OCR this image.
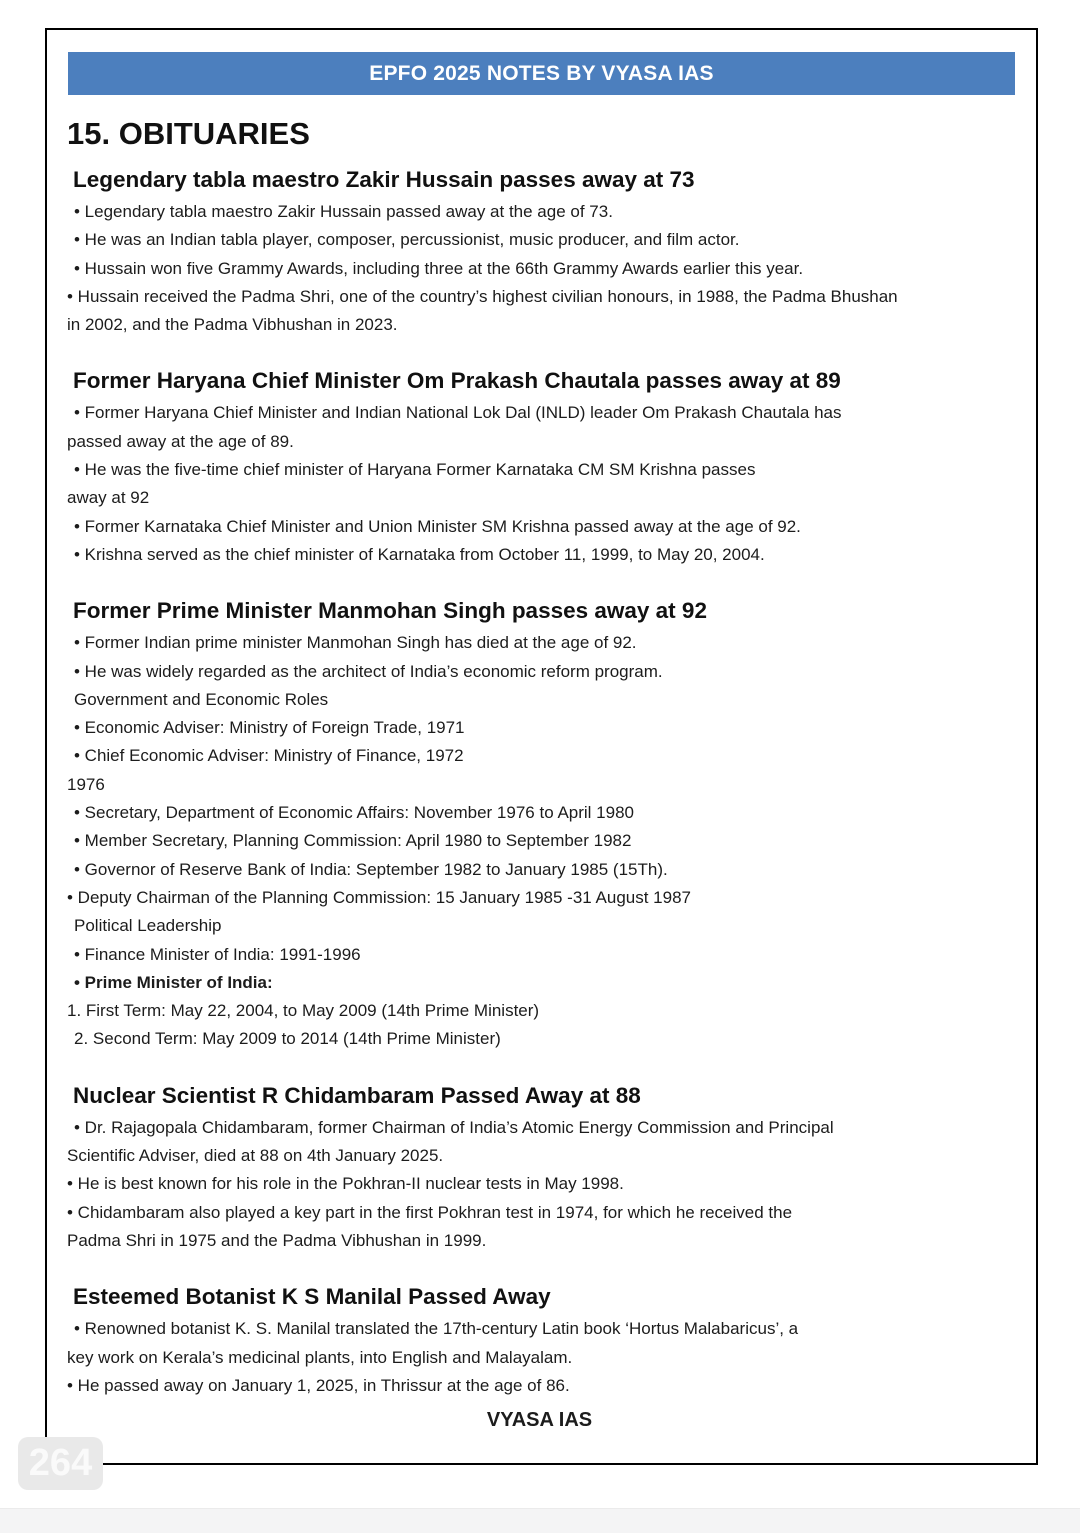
EPFO 2025 NOTES BY VYASA IAS
15. OBITUARIES
Legendary tabla maestro Zakir Hussain passes away at 73
• Legendary tabla maestro Zakir Hussain passed away at the age of 73.
• He was an Indian tabla player, composer, percussionist, music producer, and film actor.
• Hussain won five Grammy Awards, including three at the 66th Grammy Awards earlier this year.
• Hussain received the Padma Shri, one of the country’s highest civilian honours, in 1988, the Padma Bhushan
in 2002, and the Padma Vibhushan in 2023.
Former Haryana Chief Minister Om Prakash Chautala passes away at 89
• Former Haryana Chief Minister and Indian National Lok Dal (INLD) leader Om Prakash Chautala has
passed away at the age of 89.
• He was the five-time chief minister of Haryana Former Karnataka CM SM Krishna passes
away at 92
• Former Karnataka Chief Minister and Union Minister SM Krishna passed away at the age of 92.
• Krishna served as the chief minister of Karnataka from October 11, 1999, to May 20, 2004.
Former Prime Minister Manmohan Singh passes away at 92
• Former Indian prime minister Manmohan Singh has died at the age of 92.
• He was widely regarded as the architect of India’s economic reform program.
Government and Economic Roles
• Economic Adviser: Ministry of Foreign Trade, 1971
• Chief Economic Adviser: Ministry of Finance, 1972
1976
• Secretary, Department of Economic Affairs: November 1976 to April 1980
• Member Secretary, Planning Commission: April 1980 to September 1982
• Governor of Reserve Bank of India: September 1982 to January 1985 (15Th).
• Deputy Chairman of the Planning Commission: 15 January 1985 -31 August 1987
Political Leadership
• Finance Minister of India: 1991-1996
• Prime Minister of India:
1. First Term: May 22, 2004, to May 2009 (14th Prime Minister)
2. Second Term: May 2009 to 2014 (14th Prime Minister)
Nuclear Scientist R Chidambaram Passed Away at 88
• Dr. Rajagopala Chidambaram, former Chairman of India’s Atomic Energy Commission and Principal
Scientific Adviser, died at 88 on 4th January 2025.
• He is best known for his role in the Pokhran-II nuclear tests in May 1998.
• Chidambaram also played a key part in the first Pokhran test in 1974, for which he received the
Padma Shri in 1975 and the Padma Vibhushan in 1999.
Esteemed Botanist K S Manilal Passed Away
• Renowned botanist K. S. Manilal translated the 17th-century Latin book ‘Hortus Malabaricus’, a
key work on Kerala’s medicinal plants, into English and Malayalam.
• He passed away on January 1, 2025, in Thrissur at the age of 86.
VYASA IAS
264
